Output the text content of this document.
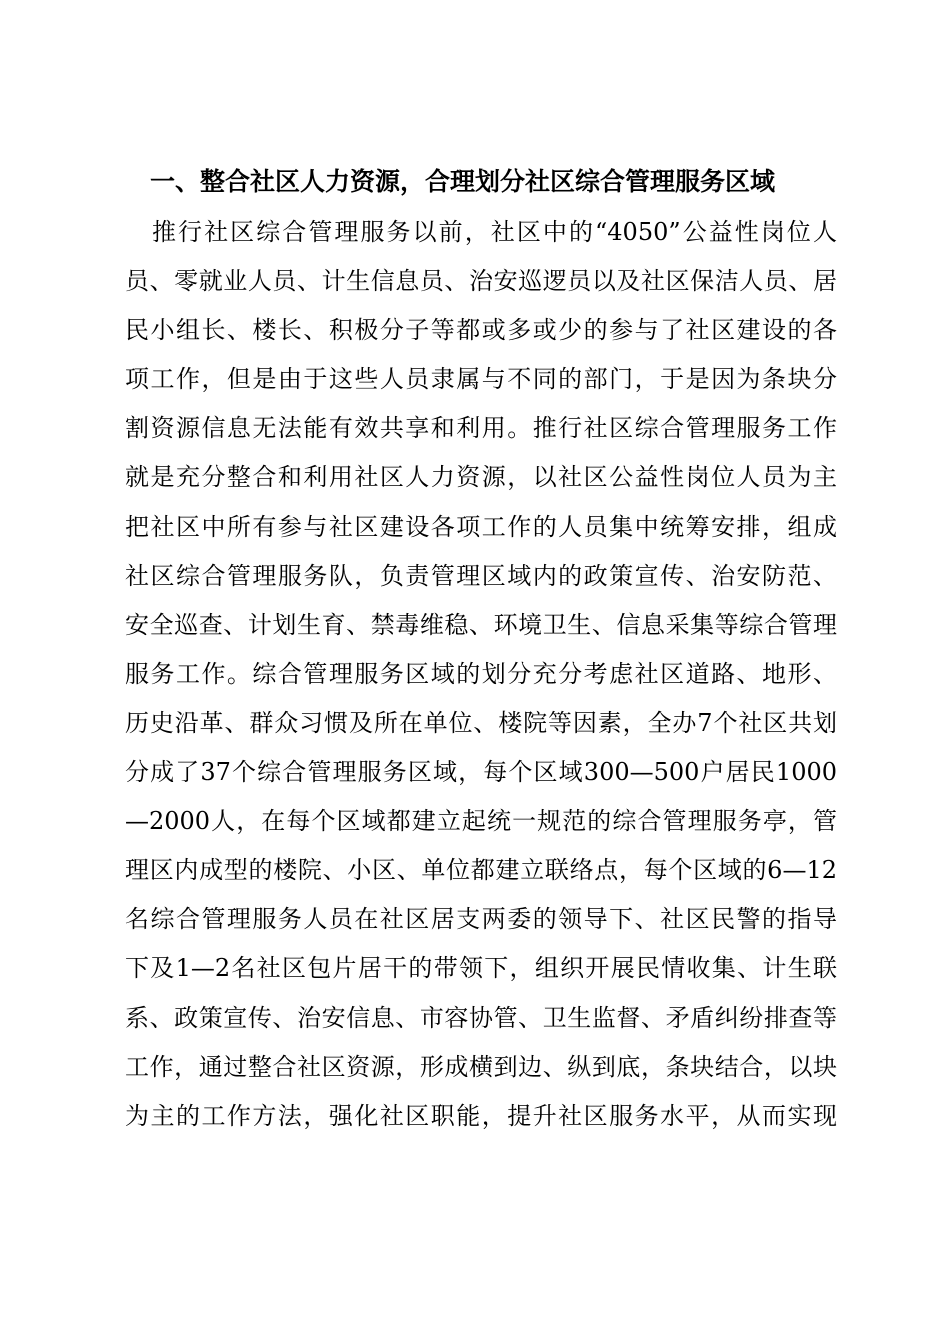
一、整合社区人力资源，合理划分社区综合管理服务区域
推行社区综合管理服务以前，社区中的“4050”公益性岗位人
员、零就业人员、计生信息员、治安巡逻员以及社区保洁人员、居
民小组长、楼长、积极分子等都或多或少的参与了社区建设的各
项工作，但是由于这些人员隶属与不同的部门，于是因为条块分
割资源信息无法能有效共享和利用。推行社区综合管理服务工作
就是充分整合和利用社区人力资源，以社区公益性岗位人员为主
把社区中所有参与社区建设各项工作的人员集中统筹安排，组成
社区综合管理服务队，负责管理区域内的政策宣传、治安防范、
安全巡查、计划生育、禁毒维稳、环境卫生、信息采集等综合管理
服务工作。综合管理服务区域的划分充分考虑社区道路、地形、
历史沿革、群众习惯及所在单位、楼院等因素，全办7个社区共划
分成了37个综合管理服务区域，每个区域300—500户居民1000
—2000人，在每个区域都建立起统一规范的综合管理服务亭，管
理区内成型的楼院、小区、单位都建立联络点，每个区域的6—12
名综合管理服务人员在社区居支两委的领导下、社区民警的指导
下及1—2名社区包片居干的带领下，组织开展民情收集、计生联
系、政策宣传、治安信息、市容协管、卫生监督、矛盾纠纷排查等
工作，通过整合社区资源，形成横到边、纵到底，条块结合，以块
为主的工作方法，强化社区职能，提升社区服务水平，从而实现
